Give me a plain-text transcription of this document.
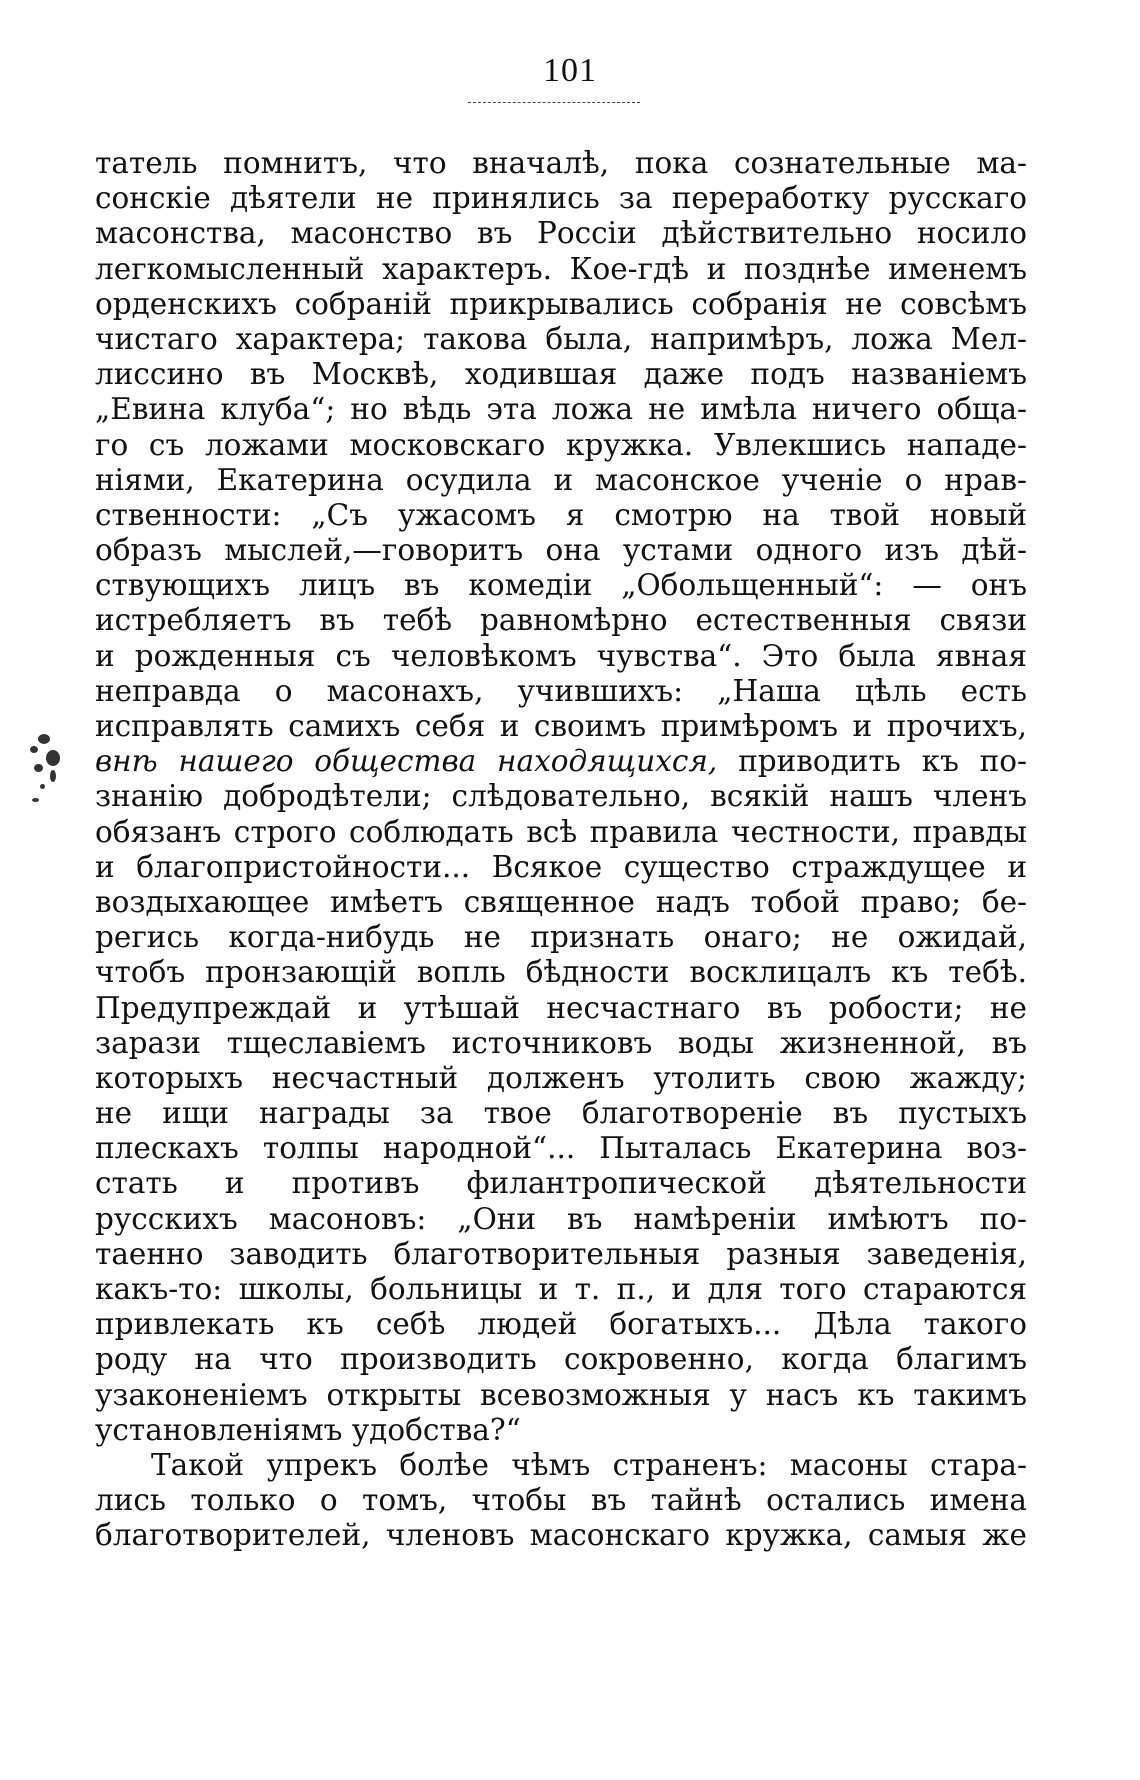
101
татель помнитъ, что вначалѣ, пока сознательные ма-
сонскіе дѣятели не принялись за переработку русскаго
масонства, масонство въ Россіи дѣйствительно носило
легкомысленный характеръ. Кое-гдѣ и позднѣе именемъ
орденскихъ собраній прикрывались собранія не совсѣмъ
чистаго характера; такова была, напримѣръ, ложа Мел-
лиссино въ Москвѣ, ходившая даже подъ названіемъ
„Евина клуба“; но вѣдь эта ложа не имѣла ничего обща-
го съ ложами московскаго кружка. Увлекшись нападе-
ніями, Екатерина осудила и масонское ученіе о нрав-
ственности: „Съ ужасомъ я смотрю на твой новый
образъ мыслей,—говоритъ она устами одного изъ дѣй-
ствующихъ лицъ въ комедіи „Обольщенный“: — онъ
истребляетъ въ тебѣ равномѣрно естественныя связи
и рожденныя съ человѣкомъ чувства“. Это была явная
неправда о масонахъ, учившихъ: „Наша цѣль есть
исправлять самихъ себя и своимъ примѣромъ и прочихъ,
внѣ нашего общества находящихся, приводить къ по-
знанію добродѣтели; слѣдовательно, всякій нашъ членъ
обязанъ строго соблюдать всѣ правила честности, правды
и благопристойности... Всякое существо страждущее и
воздыхающее имѣетъ священное надъ тобой право; бе-
регись когда-нибудь не признать онаго; не ожидай,
чтобъ пронзающій вопль бѣдности восклицалъ къ тебѣ.
Предупреждай и утѣшай несчастнаго въ робости; не
зарази тщеславіемъ источниковъ воды жизненной, въ
которыхъ несчастный долженъ утолить свою жажду;
не ищи награды за твое благотвореніе въ пустыхъ
плескахъ толпы народной“... Пыталась Екатерина воз-
стать и противъ филантропической дѣятельности
русскихъ масоновъ: „Они въ намѣреніи имѣютъ по-
таенно заводить благотворительныя разныя заведенія,
какъ-то: школы, больницы и т. п., и для того стараются
привлекать къ себѣ людей богатыхъ... Дѣла такого
роду на что производить сокровенно, когда благимъ
узаконеніемъ открыты всевозможныя у насъ къ такимъ
установленіямъ удобства?“
Такой упрекъ болѣе чѣмъ страненъ: масоны стара-
лись только о томъ, чтобы въ тайнѣ остались имена
благотворителей, членовъ масонскаго кружка, самыя же
